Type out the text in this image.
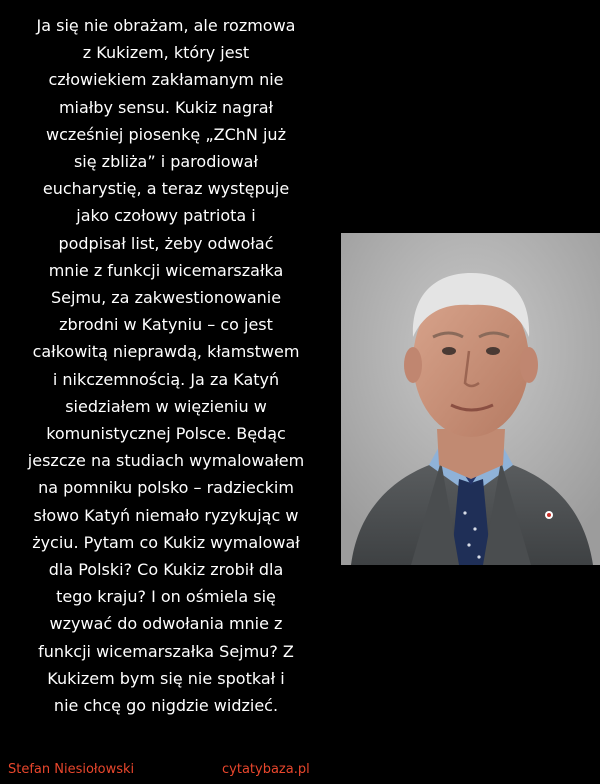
Ja się nie obrażam, ale rozmowa
z Kukizem, który jest
człowiekiem zakłamanym nie
miałby sensu. Kukiz nagrał
wcześniej piosenkę „ZChN już
się zbliża” i parodiował
eucharystię, a teraz występuje
jako czołowy patriota i
podpisał list, żeby odwołać
mnie z funkcji wicemarszałka
Sejmu, za zakwestionowanie
zbrodni w Katyniu – co jest
całkowitą nieprawdą, kłamstwem
i nikczemnością. Ja za Katyń
siedziałem w więzieniu w
komunistycznej Polsce. Będąc
jeszcze na studiach wymalowałem
na pomniku polsko – radzieckim
słowo Katyń niemało ryzykując w
życiu. Pytam co Kukiz wymalował
dla Polski? Co Kukiz zrobił dla
tego kraju? I on ośmiela się
wzywać do odwołania mnie z
funkcji wicemarszałka Sejmu? Z
Kukizem bym się nie spotkał i
nie chcę go nigdzie widzieć.

Stefan Niesiołowski	cytatybaza.pl
